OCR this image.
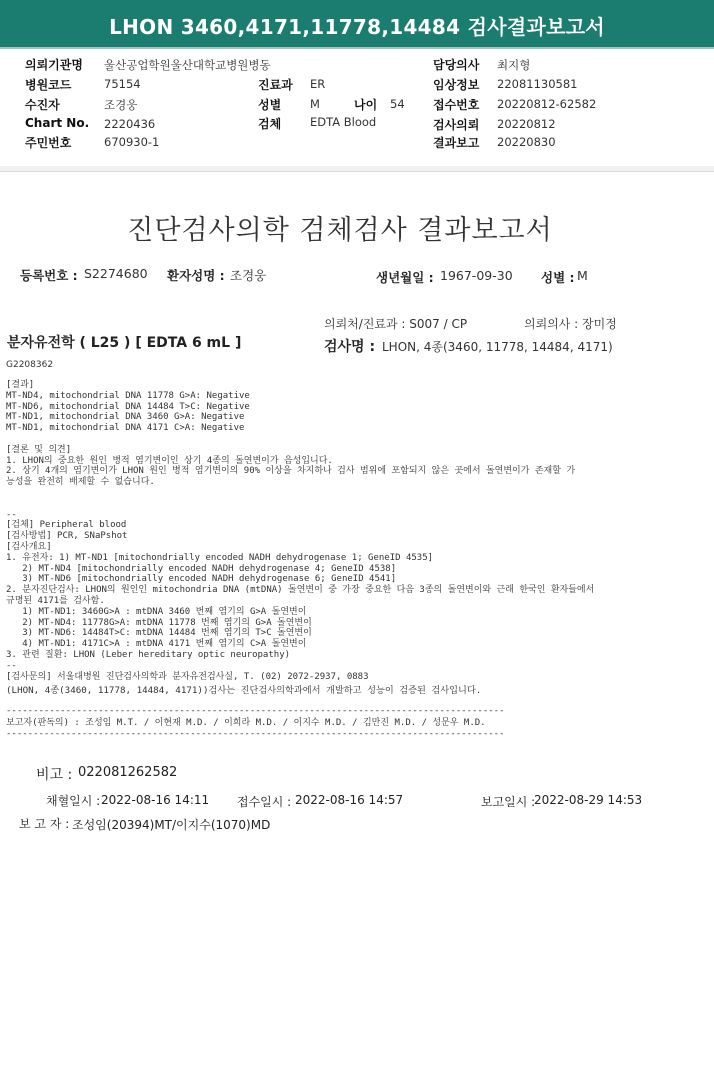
LHON 3460,4171,11778,14484 검사결과보고서
의뢰기관명 울산공업학원울산대학교병원병동
병원코드	75154	진료과 ER
수진자	조경웅	성별	M	나이 54
Chart No. 2220436	검체	EDTA Blood
주민번호	670930-1
담당의사 최지형
임상정보 22081130581
접수번호 20220812-62582
검사의뢰 20220812
결과보고 20220830
진단검사의학 검체검사 결과보고서
등록번호 : S2274680 환자성명 : 조경웅	생년월일 : 1967-09-30 성별 : M
의뢰처/진료과 : S007 / CP	의뢰의사 : 장미정
분자유전학 ( L25 ) [ EDTA 6 mL ]	검사명 : LHON, 4종(3460, 11778, 14484, 4171)
G2208362
[결과]
MT-ND4, mitochondrial DNA 11778 G>A: Negative
MT-ND6, mitochondrial DNA 14484 T>C: Negative
MT-ND1, mitochondrial DNA 3460 G>A: Negative
MT-ND1, mitochondrial DNA 4171 C>A: Negative
[결론 및 의견]
1. LHON의 중요한 원인 병적 염기변이인 상기 4종의 돌연변이가 음성입니다.
2. 상기 4개의 염기변이가 LHON 원인 병적 염기변이의 90% 이상을 차지하나 검사 범위에 포함되지 않은 곳에서 돌연변이가 존재할 가
능성을 완전히 배제할 수 없습니다.
--
[검체] Peripheral blood
[검사방법] PCR, SNaPshot
[검사개요]
1. 유전자: 1) MT-ND1 [mitochondrially encoded NADH dehydrogenase 1; GeneID 4535]
2) MT-ND4 [mitochondrially encoded NADH dehydrogenase 4; GeneID 4538]
3) MT-ND6 [mitochondrially encoded NADH dehydrogenase 6; GeneID 4541]
2. 분자진단검사: LHON의 원인인 mitochondria DNA (mtDNA) 돌연변이 중 가장 중요한 다음 3종의 돌연변이와 근래 한국인 환자들에서
규명된 4171를 검사함.
1) MT-ND1: 3460G>A : mtDNA 3460 번째 염기의 G>A 돌연변이
2) MT-ND4: 11778G>A: mtDNA 11778 번째 염기의 G>A 돌연변이
3) MT-ND6: 14484T>C: mtDNA 14484 번째 염기의 T>C 돌연변이
4) MT-ND1: 4171C>A : mtDNA 4171 번째 염기의 C>A 돌연변이
3. 관련 질환: LHON (Leber hereditary optic neuropathy)
--
[검사문의] 서울대병원 진단검사의학과 분자유전검사실, T. (02) 2072-2937, 0883
(LHON, 4종(3460, 11778, 14484, 4171))검사는 진단검사의학과에서 개발하고 성능이 검증된 검사입니다.
--------------------------------------------------------------------------------------------
보고자(판독의) : 조성임 M.T. / 이현재 M.D. / 이희라 M.D. / 이지수 M.D. / 김만진 M.D. / 성문우 M.D.
--------------------------------------------------------------------------------------------
비고 : 022081262582
채혈일시 : 2022-08-16 14:11 접수일시 : 2022-08-16 14:57	보고일시 :
2022-08-29 14:53
보 고 자 : 조성임(20394)MT/이지수(1070)MD
